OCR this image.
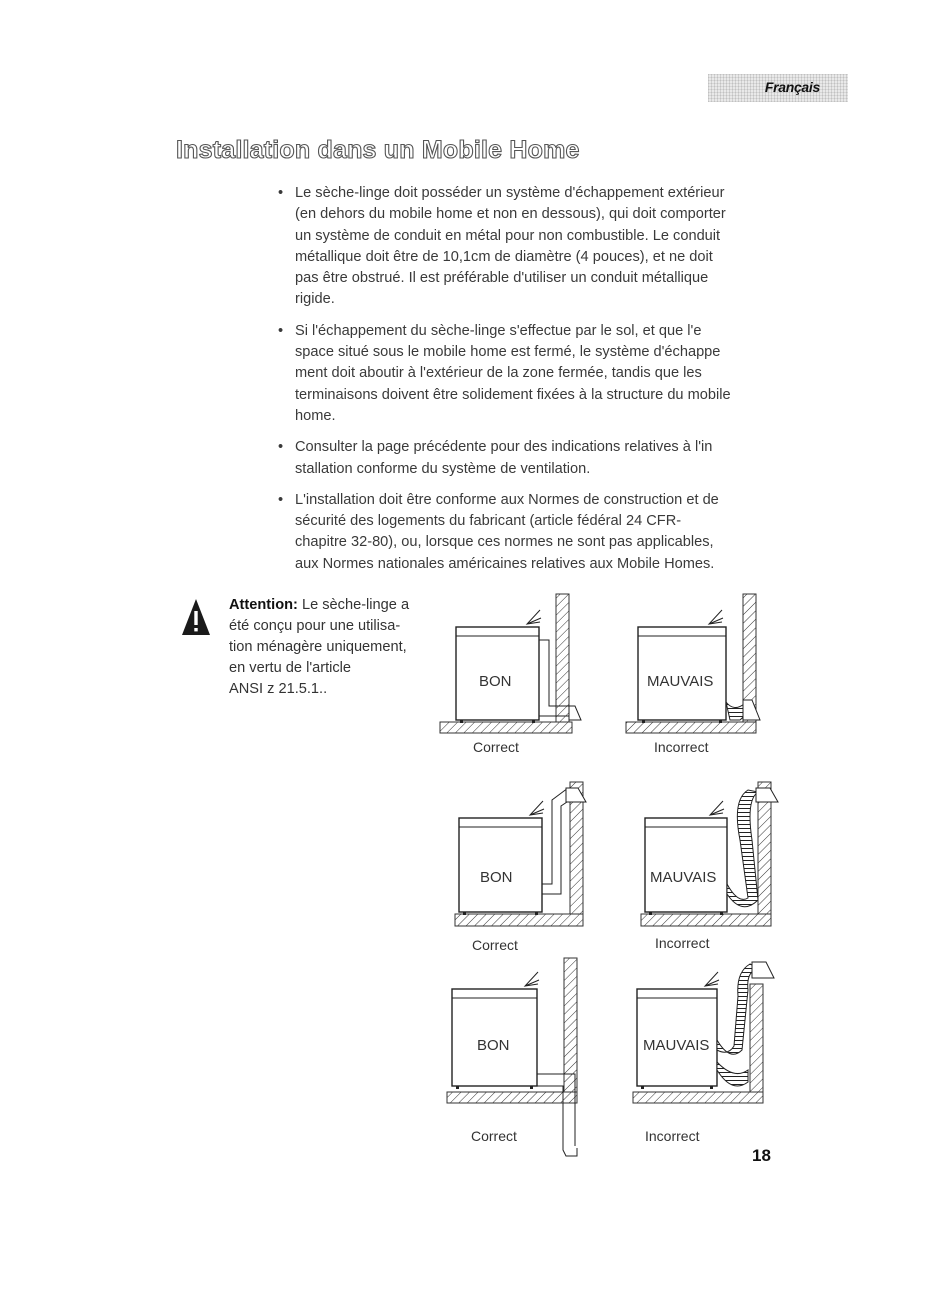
Français
Installation dans un Mobile Home
• Le sèche-linge doit posséder un système d'échappement extérieur
(en dehors du mobile home et non en dessous), qui doit comporter
un système de conduit en métal pour non combustible. Le conduit
métallique doit être de 10,1cm de diamètre (4 pouces), et ne doit
pas être obstrué. Il est préférable d'utiliser un conduit métallique
rigide.
• Si l'échappement du sèche-linge s'effectue par le sol, et que l'e
space situé sous le mobile home est fermé, le système d'échappe
ment doit aboutir à l'extérieur de la zone fermée, tandis que les
terminaisons doivent être solidement fixées à la structure du mobile
home.
• Consulter la page précédente pour des indications relatives à l'in
stallation conforme du système de ventilation.
• L'installation doit être conforme aux Normes de construction et de
sécurité des logements du fabricant (article fédéral 24 CFR-
chapitre 32-80), ou, lorsque ces normes ne sont pas applicables,
aux Normes nationales américaines relatives aux Mobile Homes.
Attention: Le sèche-linge a
été conçu pour une utilisa-
tion ménagère uniquement,
en vertu de l'article
ANSI z 21.5.1..	BON
Correct
MAUVAIS
Incorrect
BON
Correct
MAUVAIS
Incorrect
BON
Correct
MAUVAIS
Incorrect
18
